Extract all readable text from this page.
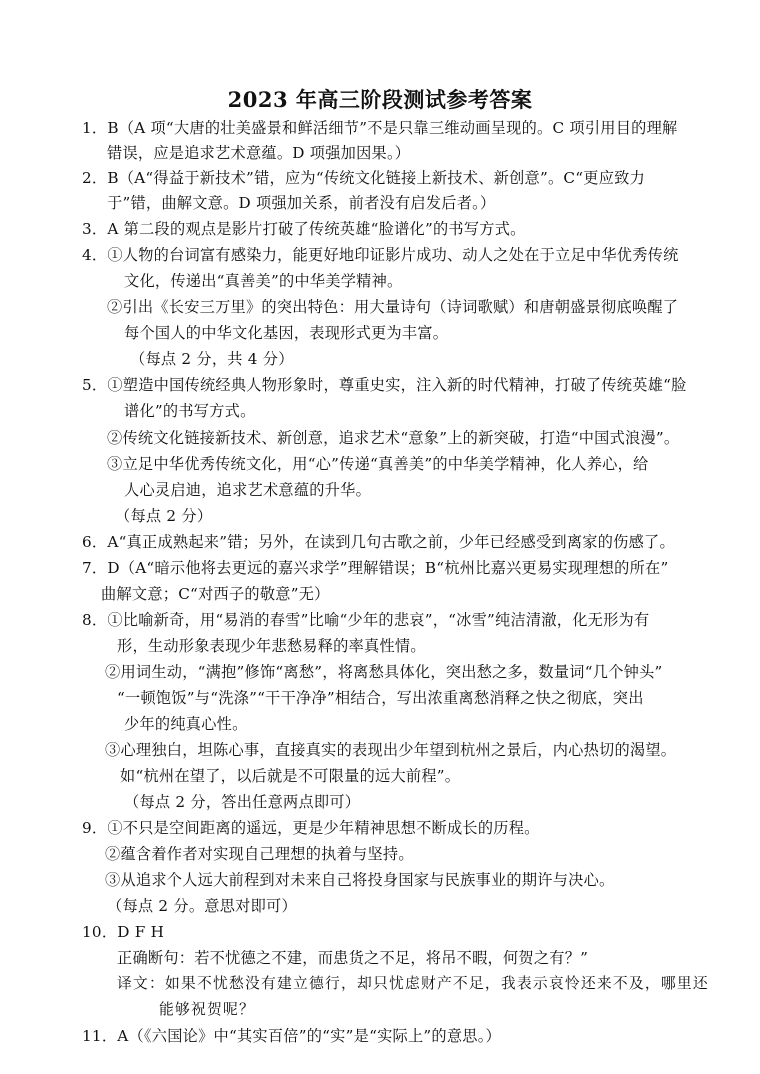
2023 年高三阶段测试参考答案
1．B（A 项“大唐的壮美盛景和鲜活细节”不是只靠三维动画呈现的。C 项引用目的理解
错误，应是追求艺术意蕴。D 项强加因果。）
2．B（A“得益于新技术”错，应为“传统文化链接上新技术、新创意”。C“更应致力
于”错，曲解文意。D 项强加关系，前者没有启发后者。）
3．A 第二段的观点是影片打破了传统英雄“脸谱化”的书写方式。
4．①人物的台词富有感染力，能更好地印证影片成功、动人之处在于立足中华优秀传统
文化，传递出“真善美”的中华美学精神。
②引出《长安三万里》的突出特色：用大量诗句（诗词歌赋）和唐朝盛景彻底唤醒了
每个国人的中华文化基因，表现形式更为丰富。
（每点 2 分，共 4 分）
5．①塑造中国传统经典人物形象时，尊重史实，注入新的时代精神，打破了传统英雄“脸
谱化”的书写方式。
②传统文化链接新技术、新创意，追求艺术“意象”上的新突破，打造“中国式浪漫”。
③立足中华优秀传统文化，用“心”传递“真善美”的中华美学精神，化人养心，给
人心灵启迪，追求艺术意蕴的升华。
（每点 2 分）
6．A“真正成熟起来”错；另外，在读到几句古歌之前，少年已经感受到离家的伤感了。
7．D（A“暗示他将去更远的嘉兴求学”理解错误；B“杭州比嘉兴更易实现理想的所在”
曲解文意；C“对西子的敬意”无）
8．①比喻新奇，用“易消的春雪”比喻“少年的悲哀”，“冰雪”纯洁清澈，化无形为有
形，生动形象表现少年悲愁易释的率真性情。
②用词生动，“满抱”修饰“离愁”，将离愁具体化，突出愁之多，数量词“几个钟头”
“一顿饱饭”与“洗涤”“干干净净”相结合，写出浓重离愁消释之快之彻底，突出
少年的纯真心性。
③心理独白，坦陈心事，直接真实的表现出少年望到杭州之景后，内心热切的渴望。
如“杭州在望了，以后就是不可限量的远大前程”。
（每点 2 分，答出任意两点即可）
9．①不只是空间距离的遥远，更是少年精神思想不断成长的历程。
②蕴含着作者对实现自己理想的执着与坚持。
③从追求个人远大前程到对未来自己将投身国家与民族事业的期许与决心。
（每点 2 分。意思对即可）
10．D F H
正确断句：若不忧德之不建，而患货之不足，将吊不暇，何贺之有？”
译文：如果不忧愁没有建立德行，却只忧虑财产不足，我表示哀怜还来不及，哪里还
能够祝贺呢？
11．A（《六国论》中“其实百倍”的“实”是“实际上”的意思。）
